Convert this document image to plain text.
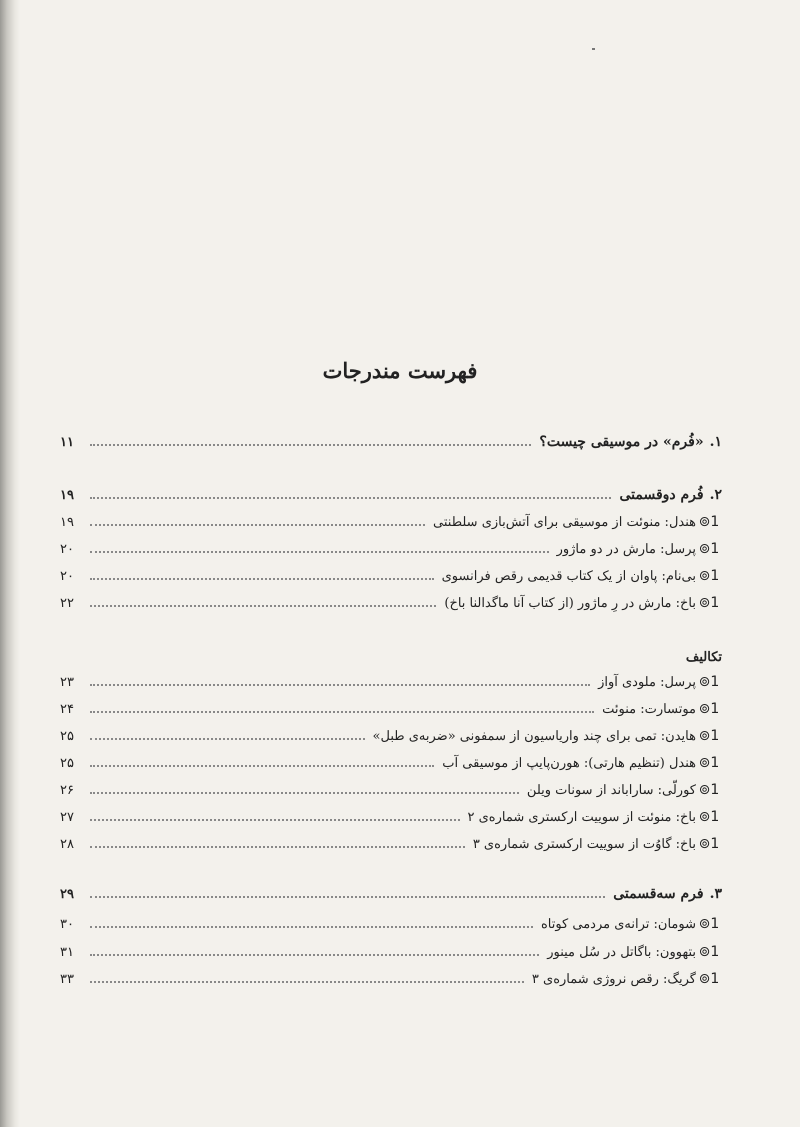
فهرست مندرجات
۱.
«فُرم» در موسیقی چیست؟
۱۱
۲.
فُرم دوقسمتی
۱۹
1⊚
هندل: منوئت از موسیقی برای آتش‌بازی سلطنتی
۱۹
1⊚
پرسل: مارش در دو ماژور
۲۰
1⊚
بی‌نام: پاوان از یک کتاب قدیمی رقص فرانسوی
۲۰
1⊚
باخ: مارش در رِ ماژور (از کتاب آنا ماگدالنا باخ)
۲۲
تکالیف
1⊚
پرسل: ملودی آواز
۲۳
1⊚
موتسارت: منوئت
۲۴
1⊚
هایدن: تمی برای چند واریاسیون از سمفونی «ضربه‌ی طبل»
۲۵
1⊚
هندل (تنظیم هارتی): هورن‌پایپ از موسیقی آب
۲۵
1⊚
کورلّی: ساراباند از سونات ویلن
۲۶
1⊚
باخ: منوئت از سوییت ارکستری شماره‌ی ۲
۲۷
1⊚
باخ: گاوُت از سوییت ارکستری شماره‌ی ۳
۲۸
۳.
فرم سه‌قسمتی
۲۹
1⊚
شومان: ترانه‌ی مردمی کوتاه
۳۰
1⊚
بتهوون: باگاتل در سُل مینور
۳۱
1⊚
گریگ: رقص نروژی شماره‌ی ۳
۳۳
